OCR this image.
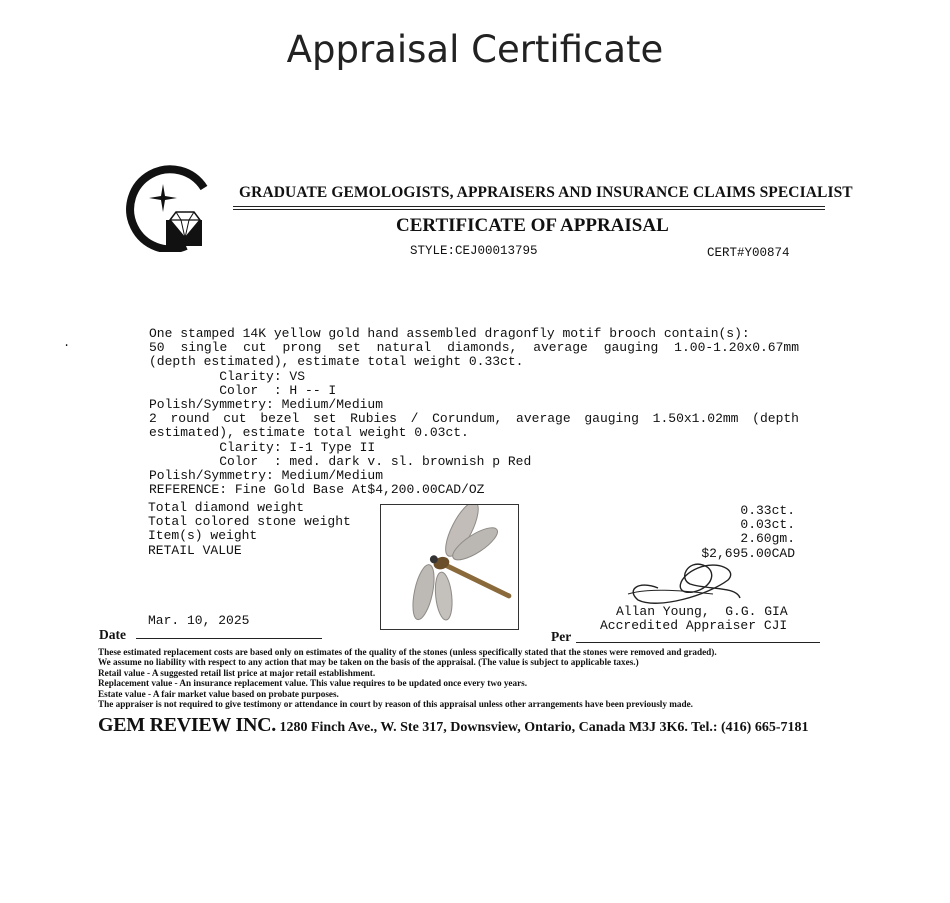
Appraisal Certificate
GRADUATE GEMOLOGISTS, APPRAISERS AND INSURANCE CLAIMS SPECIALIST
CERTIFICATE OF APPRAISAL
STYLE:CEJ00013795	CERT#Y00874
.
One stamped 14K yellow gold hand assembled dragonfly motif brooch contain(s):
50 single cut prong set natural diamonds, average gauging 1.00-1.20x0.67mm
(depth estimated), estimate total weight 0.33ct.
Clarity: VS
Color  : H -- I
Polish/Symmetry: Medium/Medium
2 round cut bezel set Rubies / Corundum, average gauging 1.50x1.02mm (depth
estimated), estimate total weight 0.03ct.
Clarity: I-1 Type II
Color  : med. dark v. sl. brownish p Red
Polish/Symmetry: Medium/Medium
REFERENCE: Fine Gold Base At$4,200.00CAD/OZ
Total diamond weight
Total colored stone weight
Item(s) weight
RETAIL VALUE
0.33ct.
0.03ct.
2.60gm.
$2,695.00CAD
Allan Young,  G.G. GIA
Accredited Appraiser CJI
Mar. 10, 2025
Date	Per
These estimated replacement costs are based only on estimates of the quality of the stones (unless specifically stated that the stones were removed and graded).
We assume no liability with respect to any action that may be taken on the basis of the appraisal. (The value is subject to applicable taxes.)
Retail value - A suggested retail list price at major retail establishment.
Replacement value - An insurance replacement value. This value requires to be updated once every two years.
Estate value - A fair market value based on probate purposes.
The appraiser is not required to give testimony or attendance in court by reason of this appraisal unless other arrangements have been previously made.
GEM REVIEW INC. 1280 Finch Ave., W. Ste 317, Downsview, Ontario, Canada M3J 3K6. Tel.: (416) 665-7181
